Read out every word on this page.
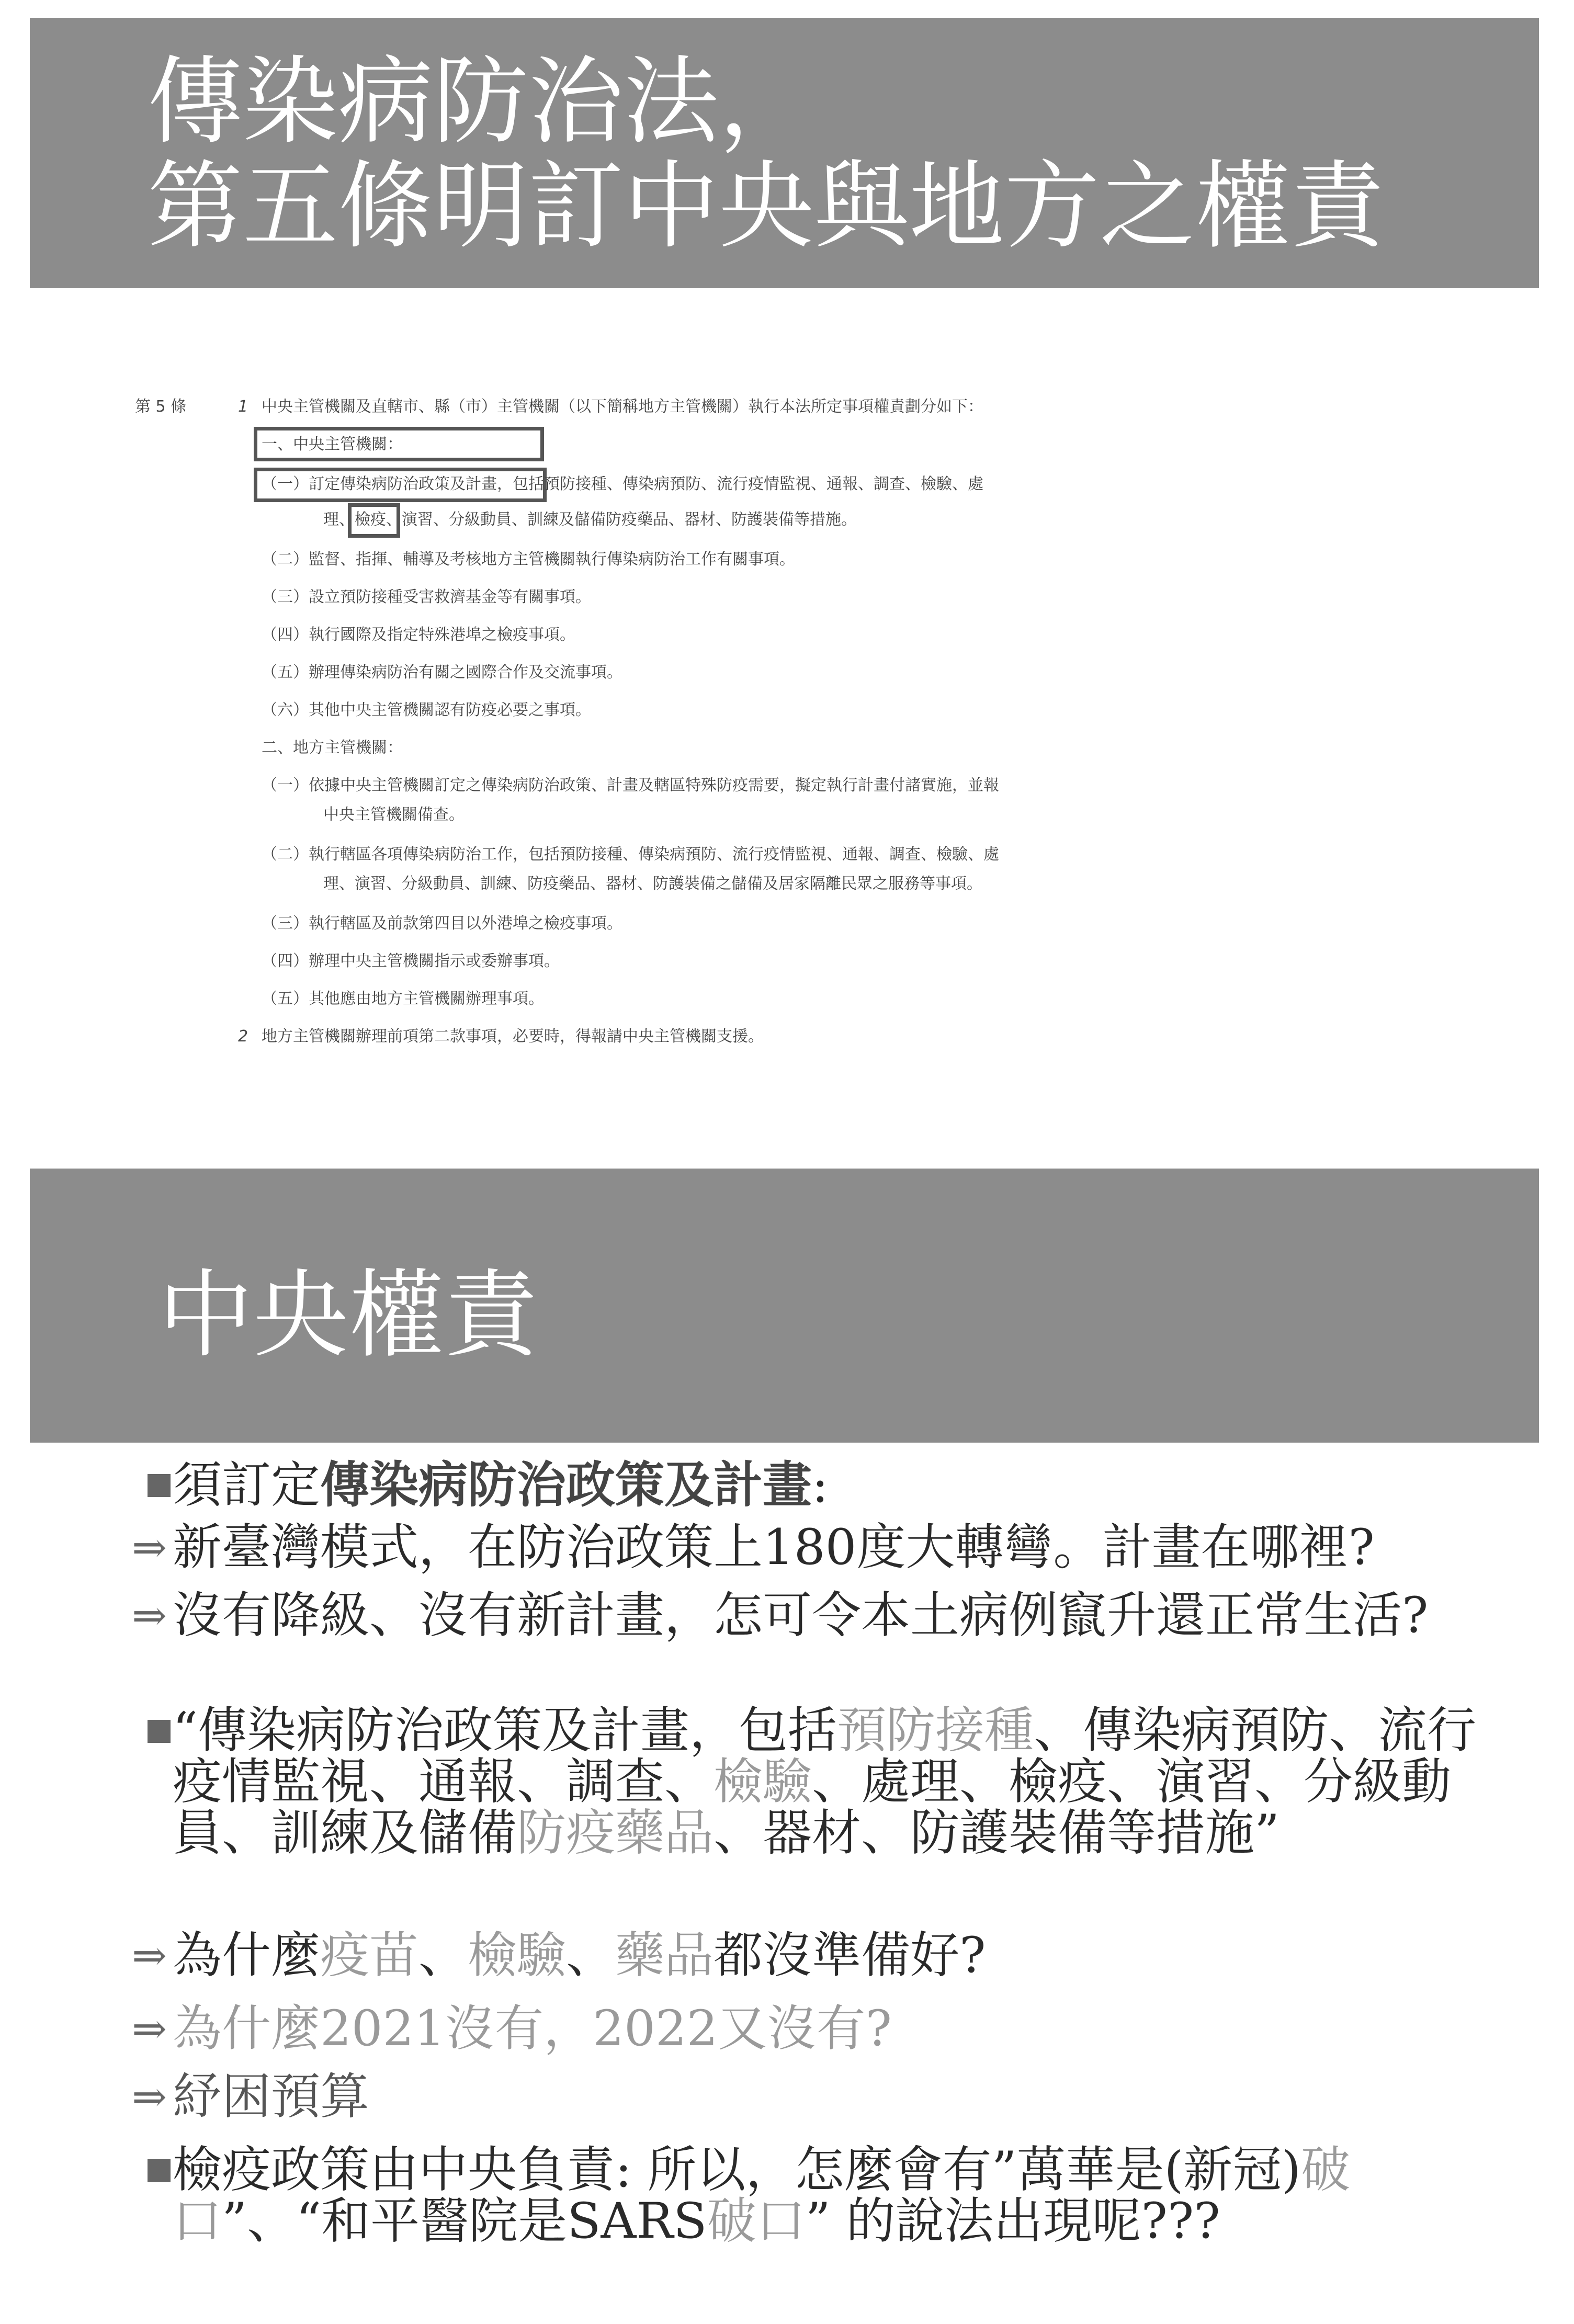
傳染病防治法，
第五條明訂中央與地方之權責
第 5 條	1 中央主管機關及直轄市、縣（市）主管機關（以下簡稱地方主管機關）執行本法所定事項權責劃分如下：
一、中央主管機關：
（一）訂定傳染病防治政策及計畫，包括預防接種、傳染病預防、流行疫情監視、通報、調查、檢驗、處
理、檢疫、演習、分級動員、訓練及儲備防疫藥品、器材、防護裝備等措施。
（二）監督、指揮、輔導及考核地方主管機關執行傳染病防治工作有關事項。
（三）設立預防接種受害救濟基金等有關事項。
（四）執行國際及指定特殊港埠之檢疫事項。
（五）辦理傳染病防治有關之國際合作及交流事項。
（六）其他中央主管機關認有防疫必要之事項。
二、地方主管機關：
（一）依據中央主管機關訂定之傳染病防治政策、計畫及轄區特殊防疫需要，擬定執行計畫付諸實施，並報
中央主管機關備查。
（二）執行轄區各項傳染病防治工作，包括預防接種、傳染病預防、流行疫情監視、通報、調查、檢驗、處
理、演習、分級動員、訓練、防疫藥品、器材、防護裝備之儲備及居家隔離民眾之服務等事項。
（三）執行轄區及前款第四目以外港埠之檢疫事項。
（四）辦理中央主管機關指示或委辦事項。
（五）其他應由地方主管機關辦理事項。
2 地方主管機關辦理前項第二款事項，必要時，得報請中央主管機關支援。
中央權責
須訂定傳染病防治政策及計畫:
⇒ 新臺灣模式，在防治政策上180度大轉彎。計畫在哪裡?
⇒ 沒有降級、沒有新計畫，怎可令本土病例竄升還正常生活?
“傳染病防治政策及計畫，包括預防接種、傳染病預防、流行疫情監視、通報、調查、檢驗、處理、檢疫、演習、分級動員、訓練及儲備防疫藥品、器材、防護裝備等措施”
⇒ 為什麼疫苗、檢驗、藥品都沒準備好?
⇒ 為什麼2021沒有，2022又沒有?
⇒ 紓困預算
檢疫政策由中央負責: 所以，怎麼會有”萬華是(新冠)破口”、“和平醫院是SARS破口” 的說法出現呢???
